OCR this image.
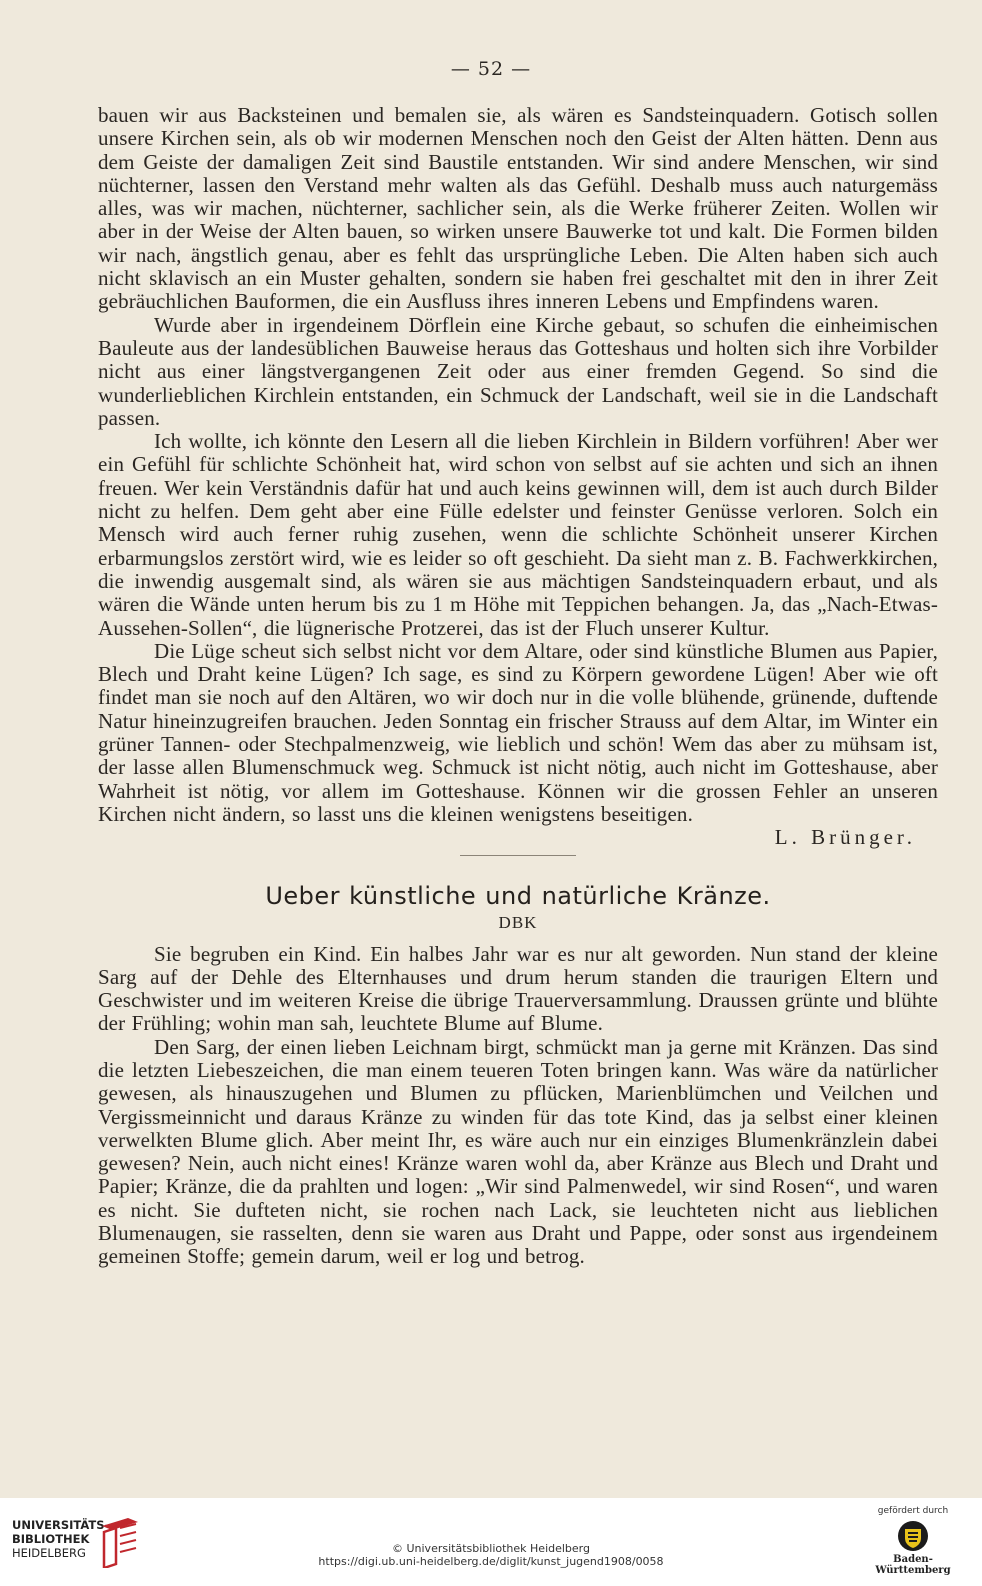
— 52 —

bauen wir aus Backsteinen und bemalen sie, als wären es Sandsteinquadern. Gotisch sollen unsere Kirchen sein, als ob wir modernen Menschen noch den Geist der Alten hätten. Denn aus dem Geiste der damaligen Zeit sind Baustile entstanden. Wir sind andere Menschen, wir sind nüchterner, lassen den Verstand mehr walten als das Gefühl. Deshalb muss auch naturgemäss alles, was wir machen, nüchterner, sachlicher sein, als die Werke früherer Zeiten. Wollen wir aber in der Weise der Alten bauen, so wirken unsere Bauwerke tot und kalt. Die Formen bilden wir nach, ängstlich genau, aber es fehlt das ursprüngliche Leben. Die Alten haben sich auch nicht sklavisch an ein Muster gehalten, sondern sie haben frei geschaltet mit den in ihrer Zeit gebräuchlichen Bauformen, die ein Ausfluss ihres inneren Lebens und Empfindens waren.

Wurde aber in irgendeinem Dörflein eine Kirche gebaut, so schufen die einheimischen Bauleute aus der landesüblichen Bauweise heraus das Gotteshaus und holten sich ihre Vorbilder nicht aus einer längstvergangenen Zeit oder aus einer fremden Gegend. So sind die wunderlieblichen Kirchlein entstanden, ein Schmuck der Landschaft, weil sie in die Landschaft passen.

Ich wollte, ich könnte den Lesern all die lieben Kirchlein in Bildern vorführen! Aber wer ein Gefühl für schlichte Schönheit hat, wird schon von selbst auf sie achten und sich an ihnen freuen. Wer kein Verständnis dafür hat und auch keins gewinnen will, dem ist auch durch Bilder nicht zu helfen. Dem geht aber eine Fülle edelster und feinster Genüsse verloren. Solch ein Mensch wird auch ferner ruhig zusehen, wenn die schlichte Schönheit unserer Kirchen erbarmungslos zerstört wird, wie es leider so oft geschieht. Da sieht man z. B. Fachwerkkirchen, die inwendig ausgemalt sind, als wären sie aus mächtigen Sandsteinquadern erbaut, und als wären die Wände unten herum bis zu 1 m Höhe mit Teppichen behangen. Ja, das „Nach-Etwas-Aussehen-Sollen“, die lügnerische Protzerei, das ist der Fluch unserer Kultur.

Die Lüge scheut sich selbst nicht vor dem Altare, oder sind künstliche Blumen aus Papier, Blech und Draht keine Lügen? Ich sage, es sind zu Körpern gewordene Lügen! Aber wie oft findet man sie noch auf den Altären, wo wir doch nur in die volle blühende, grünende, duftende Natur hineinzugreifen brauchen. Jeden Sonntag ein frischer Strauss auf dem Altar, im Winter ein grüner Tannen- oder Stechpalmenzweig, wie lieblich und schön! Wem das aber zu mühsam ist, der lasse allen Blumenschmuck weg. Schmuck ist nicht nötig, auch nicht im Gotteshause, aber Wahrheit ist nötig, vor allem im Gotteshause. Können wir die grossen Fehler an unseren Kirchen nicht ändern, so lasst uns die kleinen wenigstens beseitigen.

L. Brünger.
Ueber künstliche und natürliche Kränze.
DBK

Sie begruben ein Kind. Ein halbes Jahr war es nur alt geworden. Nun stand der kleine Sarg auf der Dehle des Elternhauses und drum herum standen die traurigen Eltern und Geschwister und im weiteren Kreise die übrige Trauerversammlung. Draussen grünte und blühte der Frühling; wohin man sah, leuchtete Blume auf Blume.

Den Sarg, der einen lieben Leichnam birgt, schmückt man ja gerne mit Kränzen. Das sind die letzten Liebeszeichen, die man einem teueren Toten bringen kann. Was wäre da natürlicher gewesen, als hinauszugehen und Blumen zu pflücken, Marienblümchen und Veilchen und Vergissmeinnicht und daraus Kränze zu winden für das tote Kind, das ja selbst einer kleinen verwelkten Blume glich. Aber meint Ihr, es wäre auch nur ein einziges Blumenkränzlein dabei gewesen? Nein, auch nicht eines! Kränze waren wohl da, aber Kränze aus Blech und Draht und Papier; Kränze, die da prahlten und logen: „Wir sind Palmenwedel, wir sind Rosen“, und waren es nicht. Sie dufteten nicht, sie rochen nach Lack, sie leuchteten nicht aus lieblichen Blumenaugen, sie rasselten, denn sie waren aus Draht und Pappe, oder sonst aus irgendeinem gemeinen Stoffe; gemein darum, weil er log und betrog.

UNIVERSITÄTS-
BIBLIOTHEK
HEIDELBERG	© Universitätsbibliothek Heidelberg
https://digi.ub.uni-heidelberg.de/diglit/kunst_jugend1908/0058
gefördert durch
Baden-Württemberg
